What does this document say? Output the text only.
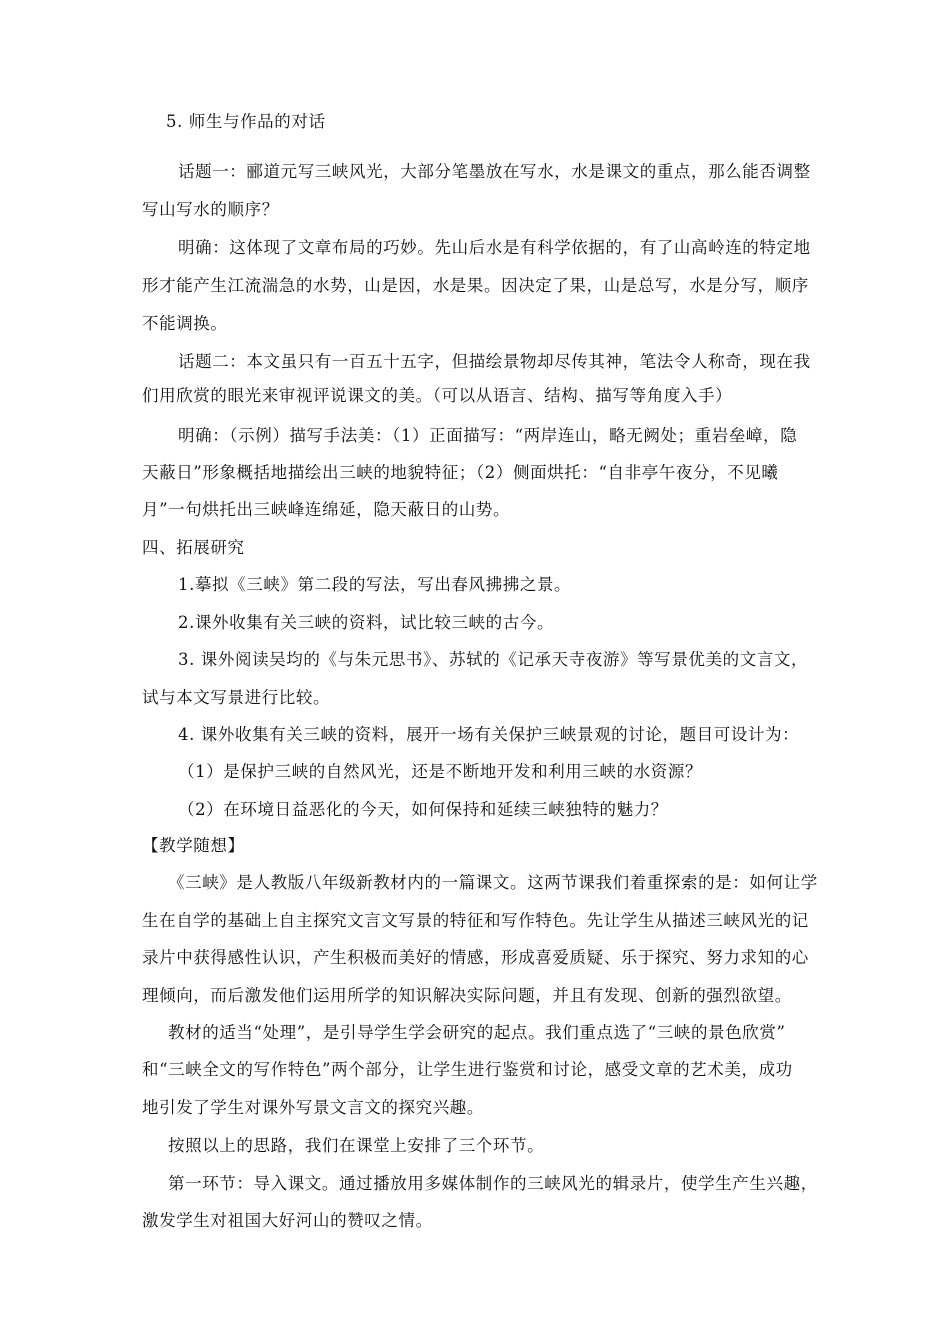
5. 师生与作品的对话
话题一：郦道元写三峡风光，大部分笔墨放在写水，水是课文的重点，那么能否调整
写山写水的顺序？
明确：这体现了文章布局的巧妙。先山后水是有科学依据的，有了山高岭连的特定地
形才能产生江流湍急的水势，山是因，水是果。因决定了果，山是总写，水是分写，顺序
不能调换。
话题二：本文虽只有一百五十五字，但描绘景物却尽传其神，笔法令人称奇，现在我
们用欣赏的眼光来审视评说课文的美。（可以从语言、结构、描写等角度入手）
明确：（示例）描写手法美：（1）正面描写：“两岸连山，略无阙处；重岩垒嶂，隐
天蔽日”形象概括地描绘出三峡的地貌特征；（2）侧面烘托：“自非亭午夜分，不见曦
月”一句烘托出三峡峰连绵延，隐天蔽日的山势。
四、拓展研究
1.摹拟《三峡》第二段的写法，写出春风拂拂之景。
2.课外收集有关三峡的资料，试比较三峡的古今。
3. 课外阅读吴均的《与朱元思书》、苏轼的《记承天寺夜游》等写景优美的文言文，
试与本文写景进行比较。
4. 课外收集有关三峡的资料，展开一场有关保护三峡景观的讨论，题目可设计为：
（1）是保护三峡的自然风光，还是不断地开发和利用三峡的水资源？
（2）在环境日益恶化的今天，如何保持和延续三峡独特的魅力？
【教学随想】
《三峡》是人教版八年级新教材内的一篇课文。这两节课我们着重探索的是：如何让学
生在自学的基础上自主探究文言文写景的特征和写作特色。先让学生从描述三峡风光的记
录片中获得感性认识，产生积极而美好的情感，形成喜爱质疑、乐于探究、努力求知的心
理倾向，而后激发他们运用所学的知识解决实际问题，并且有发现、创新的强烈欲望。
教材的适当“处理”，是引导学生学会研究的起点。我们重点选了“三峡的景色欣赏”
和“三峡全文的写作特色”两个部分，让学生进行鉴赏和讨论，感受文章的艺术美，成功
地引发了学生对课外写景文言文的探究兴趣。
按照以上的思路，我们在课堂上安排了三个环节。
第一环节：导入课文。通过播放用多媒体制作的三峡风光的辑录片，使学生产生兴趣，
激发学生对祖国大好河山的赞叹之情。
